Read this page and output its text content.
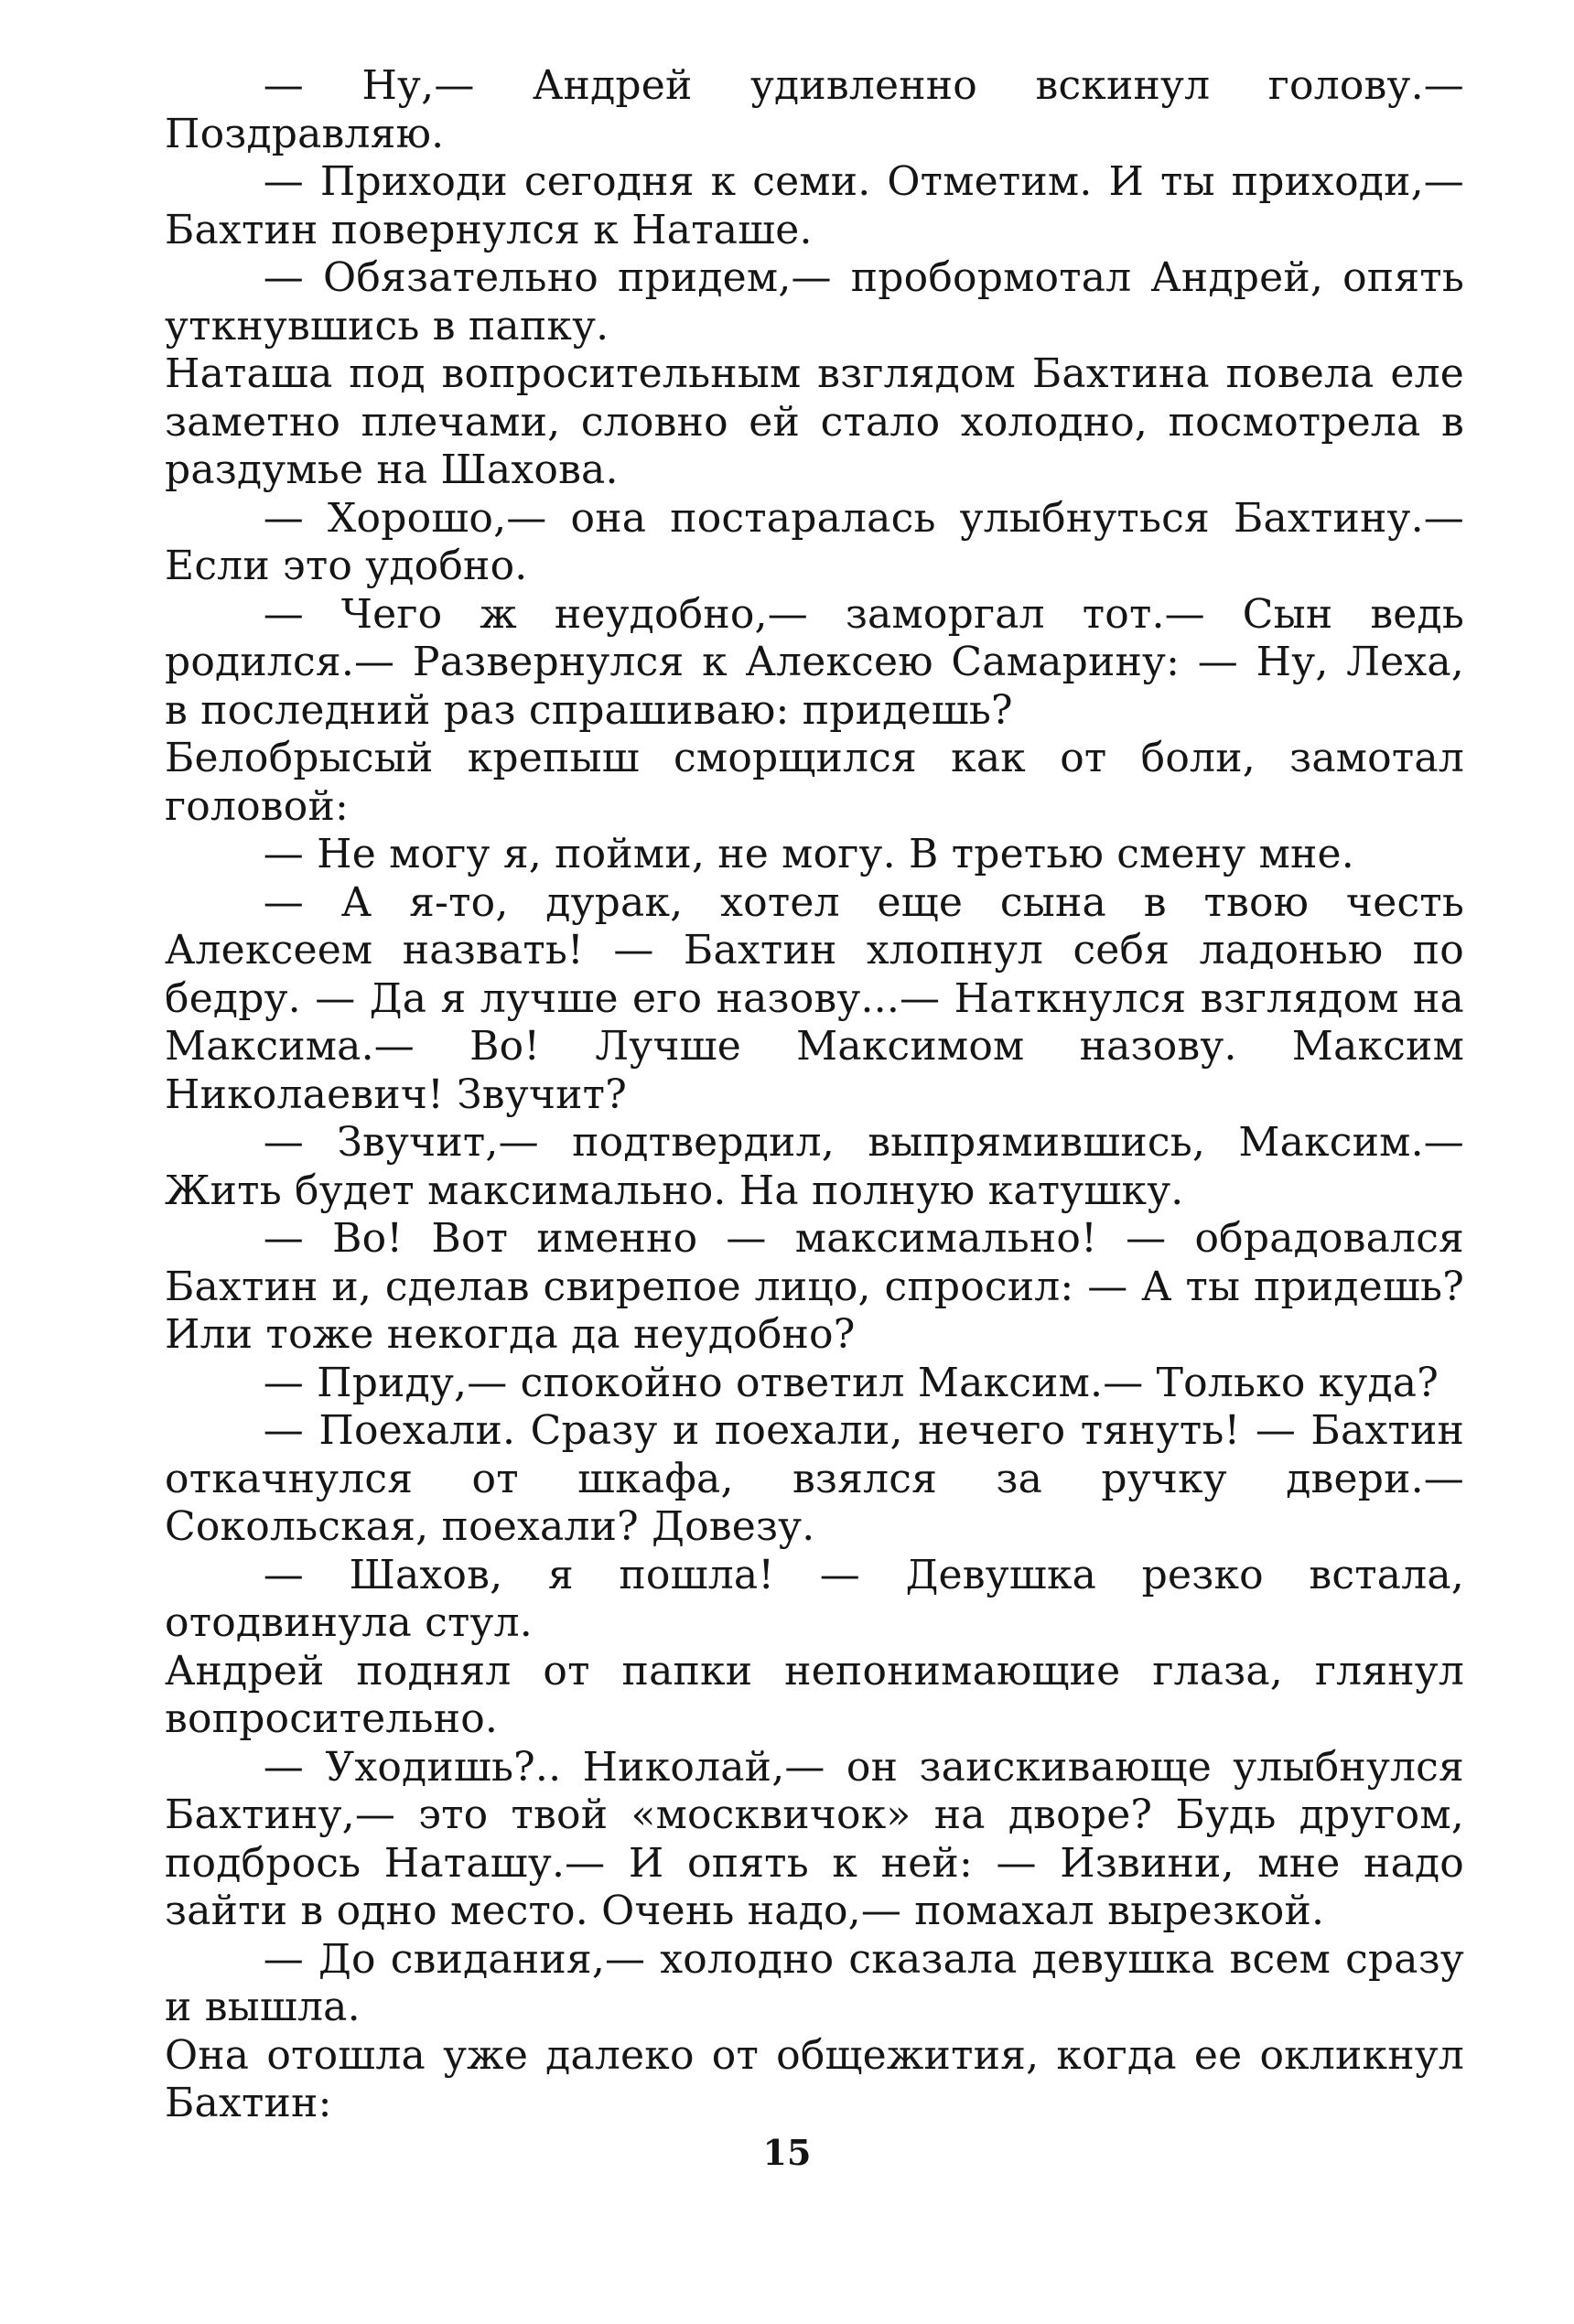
— Ну,— Андрей удивленно вскинул голову.— Поздравляю.

— Приходи сегодня к семи. Отметим. И ты приходи,— Бахтин повернулся к Наташе.

— Обязательно придем,— пробормотал Андрей, опять уткнувшись в папку.

Наташа под вопросительным взглядом Бахтина повела еле заметно плечами, словно ей стало холодно, посмотрела в раздумье на Шахова.

— Хорошо,— она постаралась улыбнуться Бахтину.— Если это удобно.

— Чего ж неудобно,— заморгал тот.— Сын ведь родился.— Развернулся к Алексею Самарину: — Ну, Леха, в последний раз спрашиваю: придешь?

Белобрысый крепыш сморщился как от боли, замотал головой:

— Не могу я, пойми, не могу. В третью смену мне.

— А я-то, дурак, хотел еще сына в твою честь Алексеем назвать! — Бахтин хлопнул себя ладонью по бедру. — Да я лучше его назову...— Наткнулся взглядом на Максима.— Во! Лучше Максимом назову. Максим Николаевич! Звучит?

— Звучит,— подтвердил, выпрямившись, Максим.— Жить будет максимально. На полную катушку.

— Во! Вот именно — максимально! — обрадовался Бахтин и, сделав свирепое лицо, спросил: — А ты придешь? Или тоже некогда да неудобно?

— Приду,— спокойно ответил Максим.— Только куда?

— Поехали. Сразу и поехали, нечего тянуть! — Бахтин откачнулся от шкафа, взялся за ручку двери.— Сокольская, поехали? Довезу.

— Шахов, я пошла! — Девушка резко встала, отодвинула стул.

Андрей поднял от папки непонимающие глаза, глянул вопросительно.

— Уходишь?.. Николай,— он заискивающе улыбнулся Бахтину,— это твой «москвичок» на дворе? Будь другом, подбрось Наташу.— И опять к ней: — Извини, мне надо зайти в одно место. Очень надо,— помахал вырезкой.

— До свидания,— холодно сказала девушка всем сразу и вышла.

Она отошла уже далеко от общежития, когда ее окликнул Бахтин:

15
